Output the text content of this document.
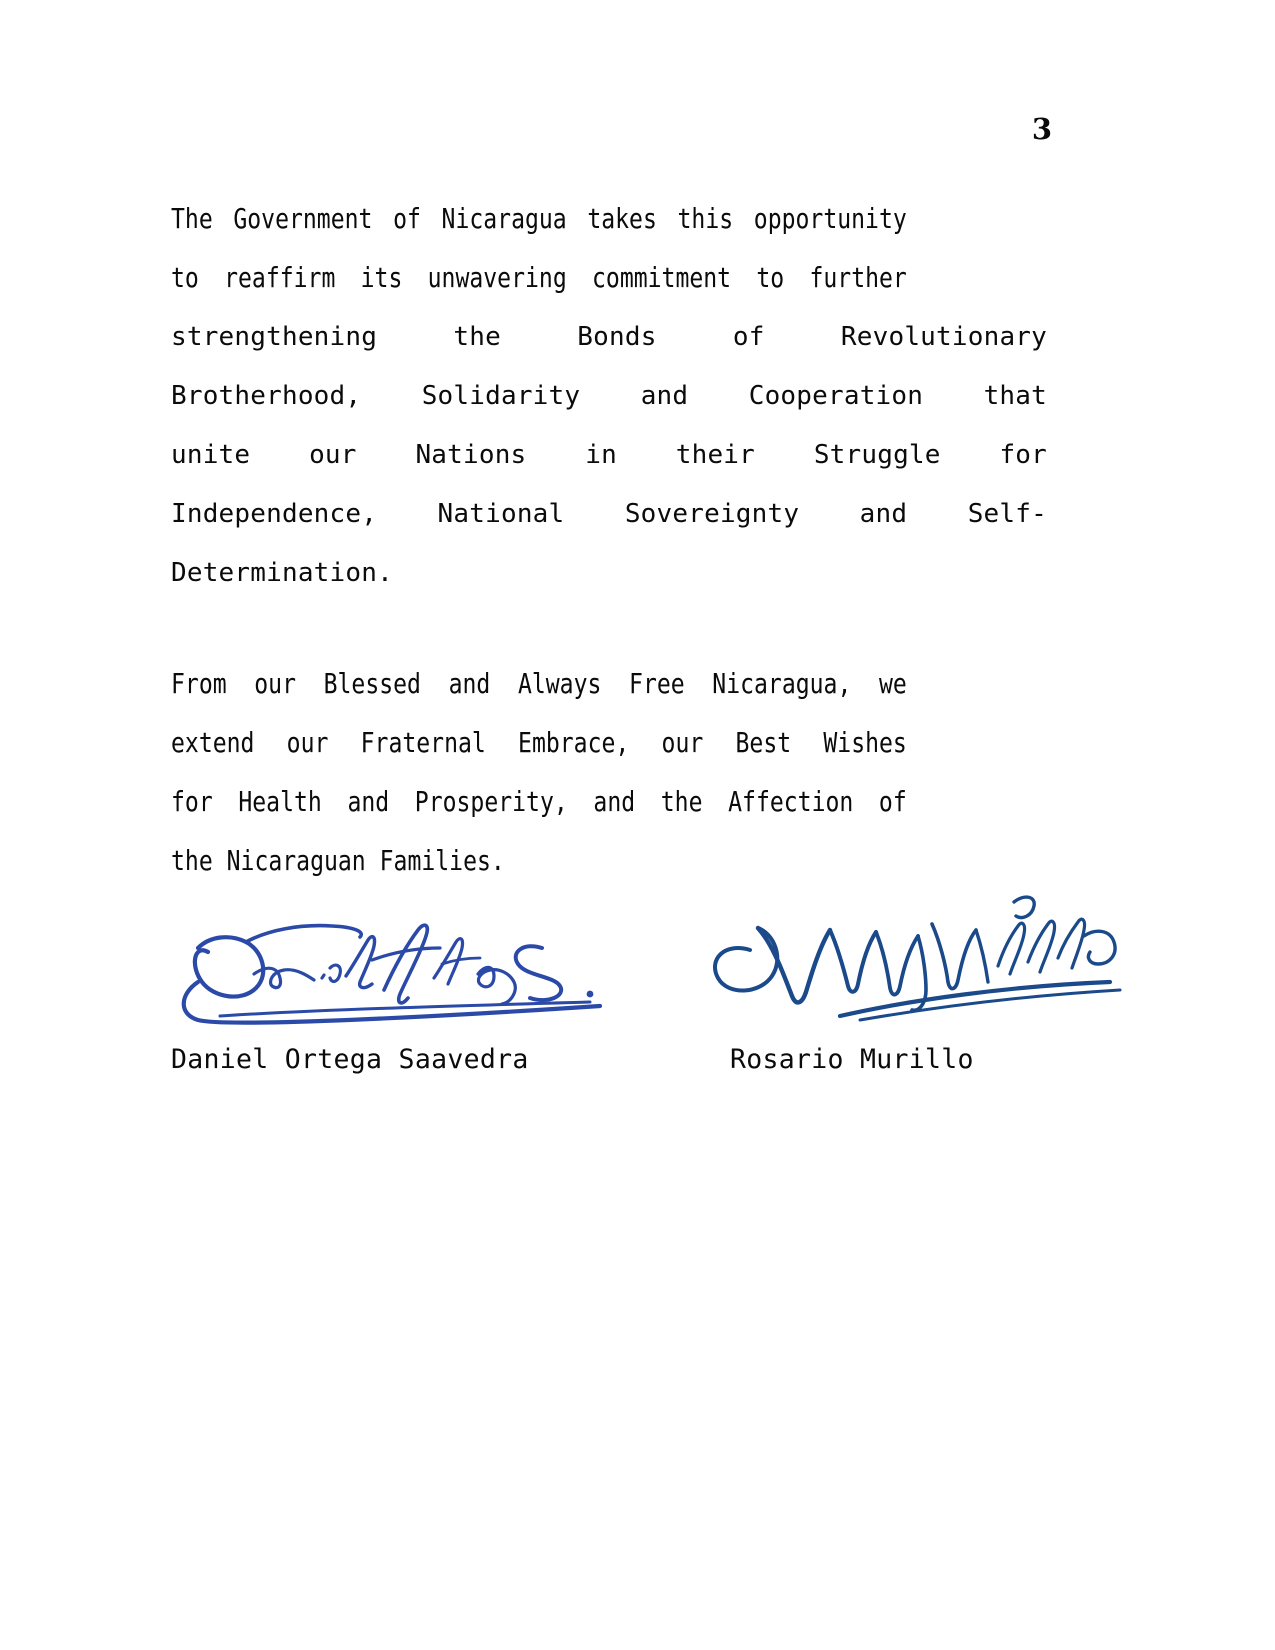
3
The Government of Nicaragua takes this opportunity
to reaffirm its unwavering commitment to further
strengthening	the	Bonds	of	Revolutionary
Brotherhood, Solidarity and Cooperation that
unite our Nations in their Struggle for
Independence, National Sovereignty and Self-
Determination.
From our Blessed and Always Free Nicaragua, we
extend our Fraternal Embrace, our Best Wishes
for Health and Prosperity, and the Affection of
the
Nicaraguan
Families.
Daniel Ortega Saavedra	Rosario Murillo
